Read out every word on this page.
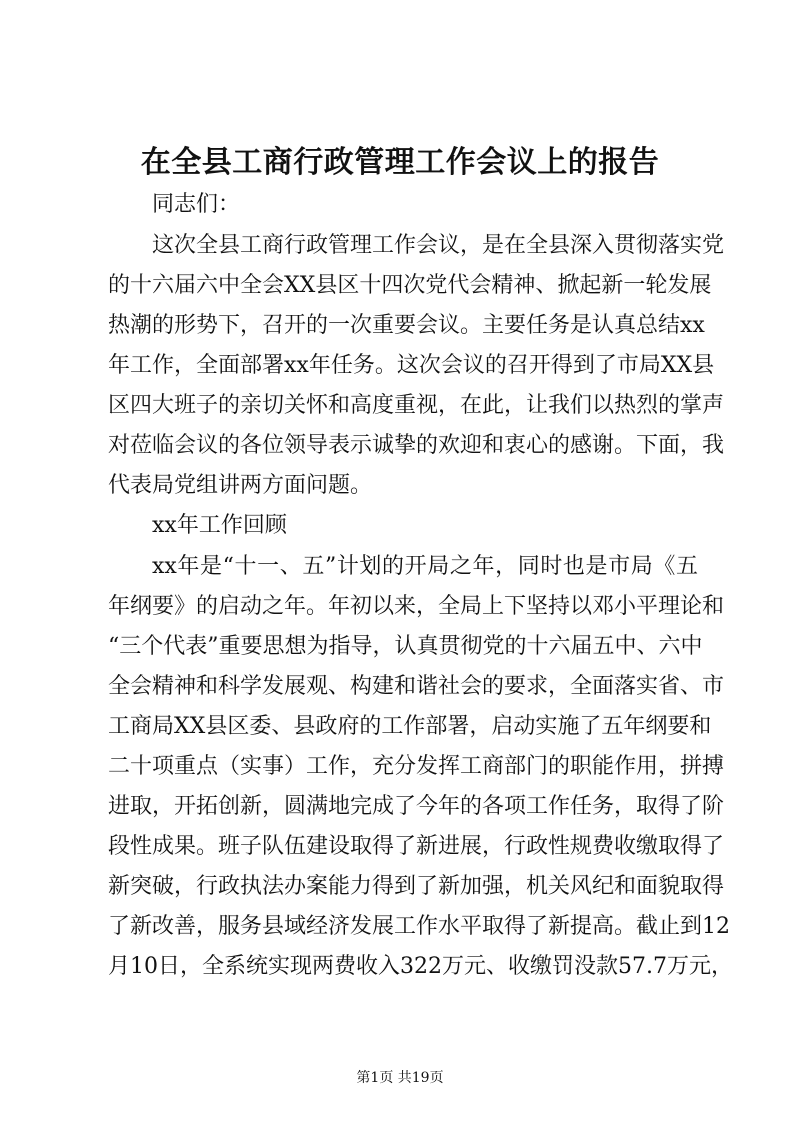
在全县工商行政管理工作会议上的报告
同志们：
这次全县工商行政管理工作会议，是在全县深入贯彻落实党
的十六届六中全会XX县区十四次党代会精神、掀起新一轮发展
热潮的形势下，召开的一次重要会议。主要任务是认真总结xx
年工作，全面部署xx年任务。这次会议的召开得到了市局XX县
区四大班子的亲切关怀和高度重视，在此，让我们以热烈的掌声
对莅临会议的各位领导表示诚挚的欢迎和衷心的感谢。下面，我
代表局党组讲两方面问题。
xx年工作回顾
xx年是“十一、五”计划的开局之年，同时也是市局《五
年纲要》的启动之年。年初以来，全局上下坚持以邓小平理论和
“三个代表”重要思想为指导，认真贯彻党的十六届五中、六中
全会精神和科学发展观、构建和谐社会的要求，全面落实省、市
工商局XX县区委、县政府的工作部署，启动实施了五年纲要和
二十项重点（实事）工作，充分发挥工商部门的职能作用，拼搏
进取，开拓创新，圆满地完成了今年的各项工作任务，取得了阶
段性成果。班子队伍建设取得了新进展，行政性规费收缴取得了
新突破，行政执法办案能力得到了新加强，机关风纪和面貌取得
了新改善，服务县域经济发展工作水平取得了新提高。截止到12
月10日，全系统实现两费收入322万元、收缴罚没款57.7万元，
第1页 共19页
